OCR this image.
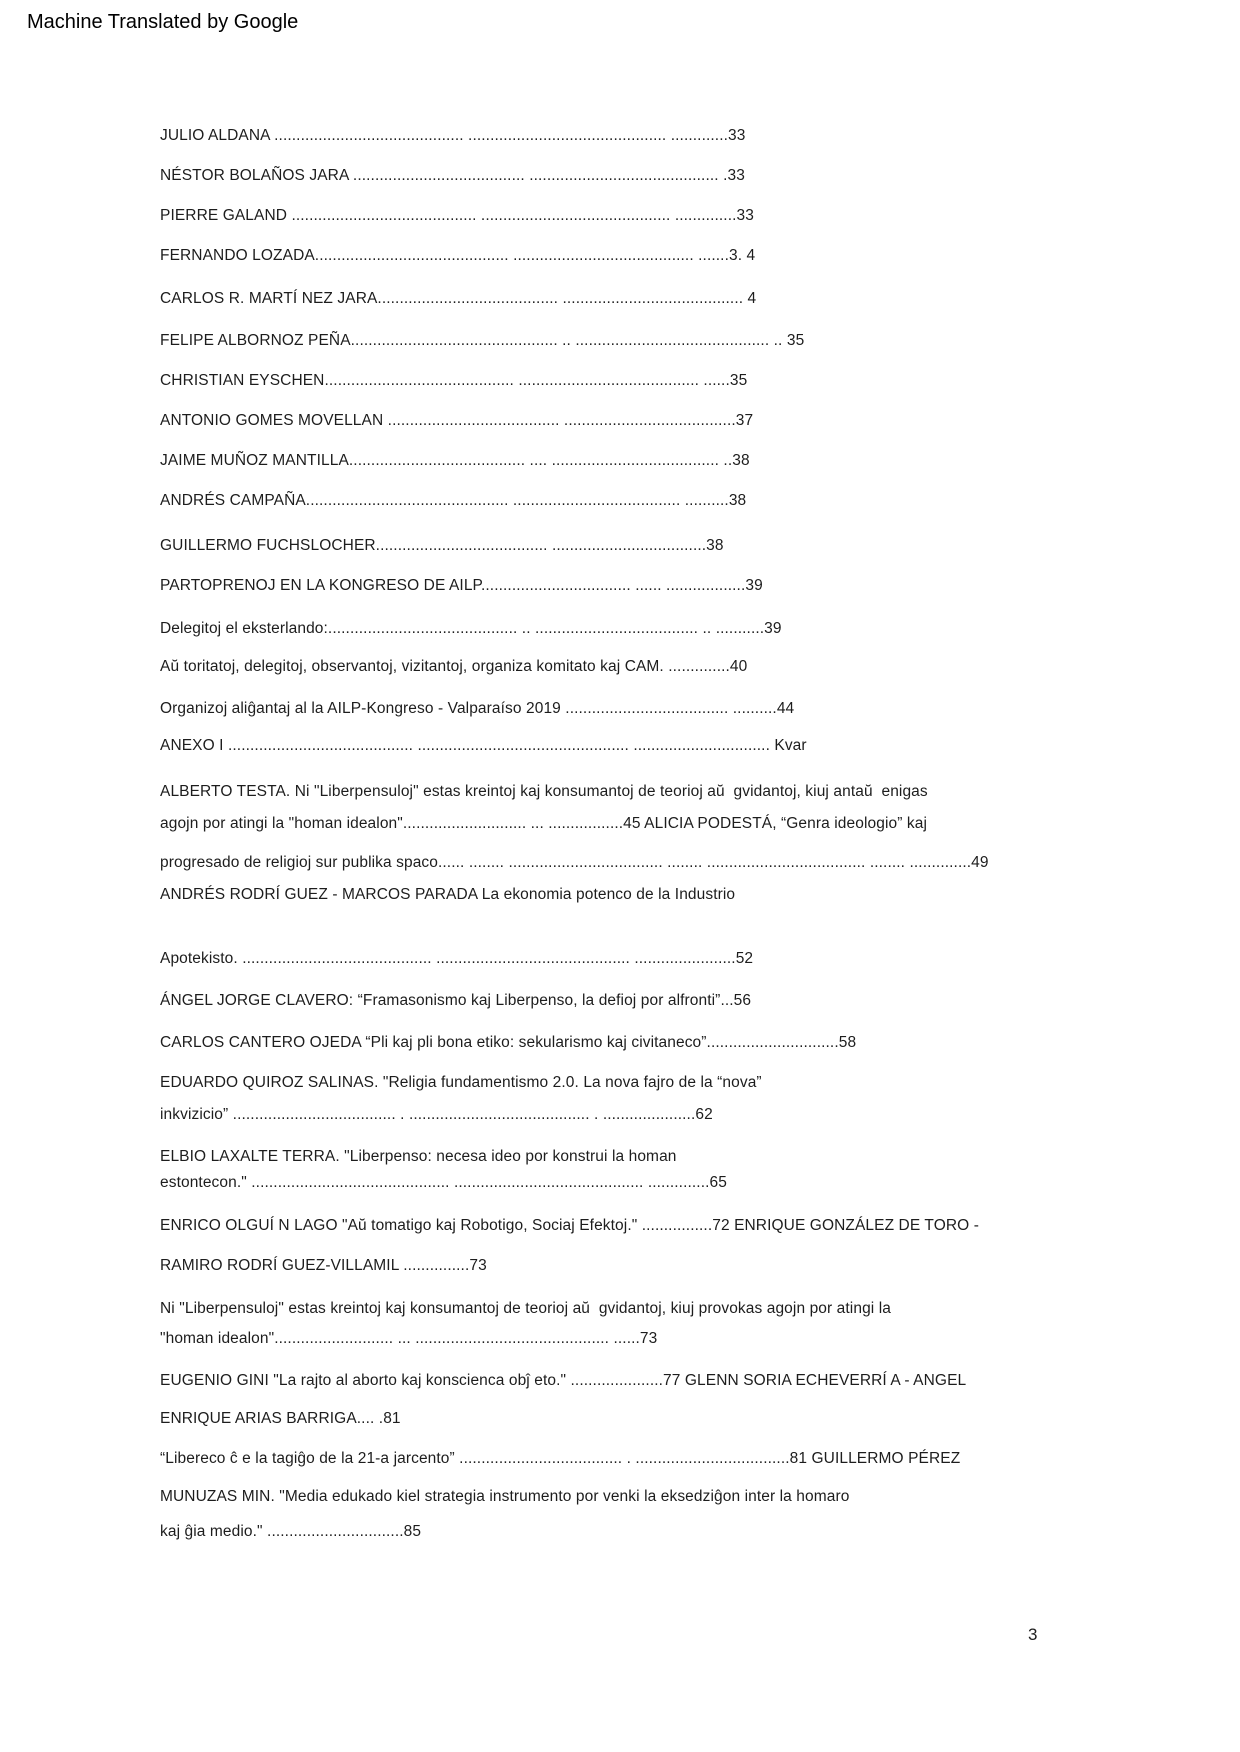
Machine Translated by Google
JULIO ALDANA ........................................... ............................................. .............33
NÉSTOR BOLAÑOS JARA ....................................... ........................................... .33
PIERRE GALAND .......................................... ........................................... ..............33
FERNANDO LOZADA............................................ ......................................... .......3. 4
CARLOS R. MARTÍ NEZ JARA......................................... ......................................... 4
FELIPE ALBORNOZ PEÑA............................................... .. ............................................ .. 35
CHRISTIAN EYSCHEN........................................... ......................................... ......35
ANTONIO GOMES MOVELLAN ....................................... .......................................37
JAIME MUÑOZ MANTILLA........................................ .... ...................................... ..38
ANDRÉS CAMPAÑA.............................................. ...................................... ..........38
GUILLERMO FUCHSLOCHER....................................... ...................................38
PARTOPRENOJ EN LA KONGRESO DE AILP.................................. ...... ..................39
Delegitoj el eksterlando:........................................... .. ..................................... .. ...........39
Aŭ toritatoj, delegitoj, observantoj, vizitantoj, organiza komitato kaj CAM. ..............40
Organizoj aliĝantaj al la AILP-Kongreso - Valparaíso 2019 ..................................... ..........44
ANEXO I .......................................... ................................................ ............................... Kvar
ALBERTO TESTA. Ni "Liberpensuloj" estas kreintoj kaj konsumantoj de teorioj aŭ  gvidantoj, kiuj antaŭ  enigas
agojn por atingi la "homan idealon"............................ ... .................45 ALICIA PODESTÁ, “Genra ideologio” kaj
progresado de religioj sur publika spaco...... ........ ................................... ........ .................................... ........ ..............49
ANDRÉS RODRÍ GUEZ - MARCOS PARADA La ekonomia potenco de la Industrio
Apotekisto. ........................................... ............................................ .......................52
ÁNGEL JORGE CLAVERO: “Framasonismo kaj Liberpenso, la defioj por alfronti”...56
CARLOS CANTERO OJEDA “Pli kaj pli bona etiko: sekularismo kaj civitaneco”..............................58
EDUARDO QUIROZ SALINAS. "Religia fundamentismo 2.0. La nova fajro de la “nova”
inkvizicio” ..................................... . ......................................... . .....................62
ELBIO LAXALTE TERRA. "Liberpenso: necesa ideo por konstrui la homan
estontecon." ............................................. ........................................... ..............65
ENRICO OLGUÍ N LAGO "Aŭ tomatigo kaj Robotigo, Sociaj Efektoj." ................72 ENRIQUE GONZÁLEZ DE TORO -
RAMIRO RODRÍ GUEZ-VILLAMIL ...............73
Ni "Liberpensuloj" estas kreintoj kaj konsumantoj de teorioj aŭ  gvidantoj, kiuj provokas agojn por atingi la
"homan idealon"........................... ... ............................................ ......73
EUGENIO GINI "La rajto al aborto kaj konscienca obĵ eto." .....................77 GLENN SORIA ECHEVERRÍ A - ANGEL
ENRIQUE ARIAS BARRIGA.... .81
“Libereco ĉ e la tagiĝo de la 21-a jarcento” ..................................... . ...................................81 GUILLERMO PÉREZ
MUNUZAS MIN. "Media edukado kiel strategia instrumento por venki la eksedziĝon inter la homaro
kaj ĝia medio." ...............................85
3
